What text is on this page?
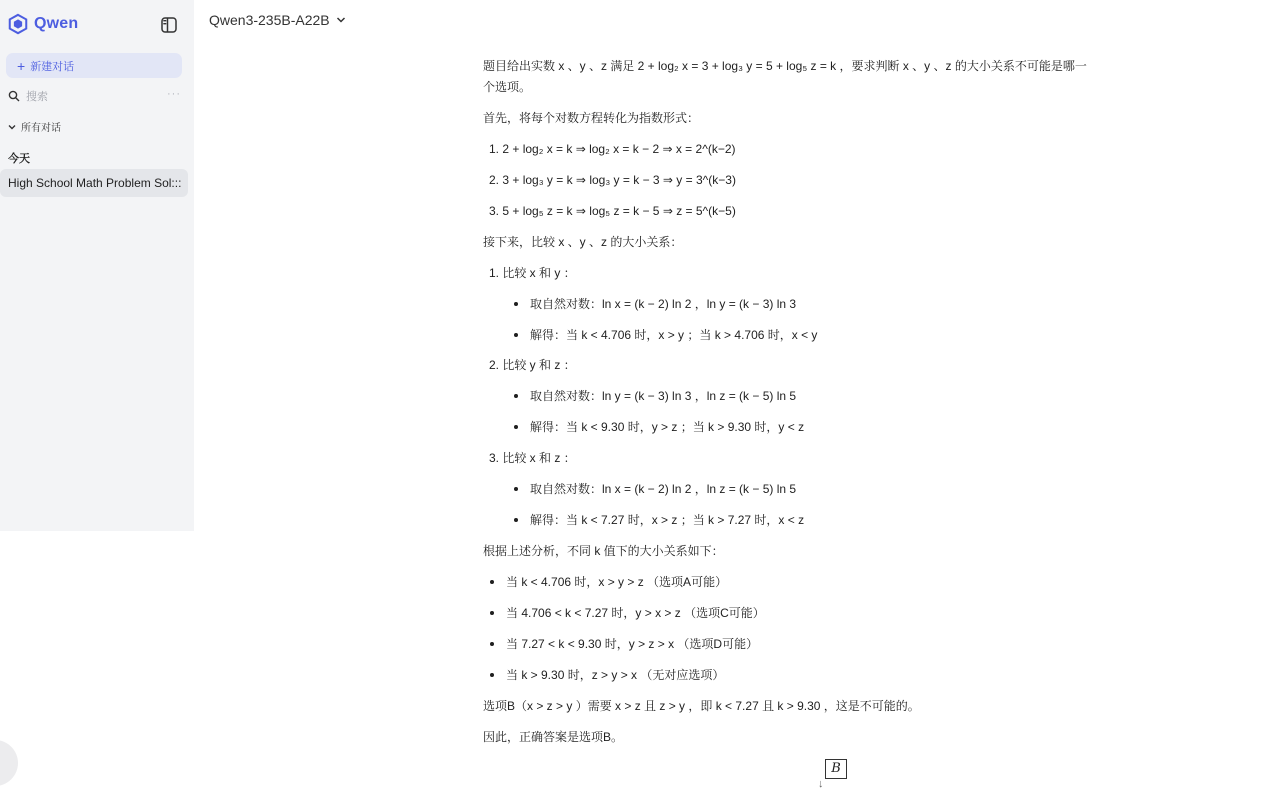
Qwen
+ 新建对话
搜索	···
所有对话
今天
High School Math Problem Sol:::
Qwen3-235B-A22B
题目给出实数 x 、y 、z 满足 2 + log₂ x = 3 + log₃ y = 5 + log₅ z = k ，要求判断 x 、y 、z 的大小关系不可能是哪一
个选项。
首先，将每个对数方程转化为指数形式：
1. 2 + log₂ x = k ⇒ log₂ x = k − 2 ⇒ x = 2^(k−2)
2. 3 + log₃ y = k ⇒ log₃ y = k − 3 ⇒ y = 3^(k−3)
3. 5 + log₅ z = k ⇒ log₅ z = k − 5 ⇒ z = 5^(k−5)
接下来，比较 x 、y 、z 的大小关系：
1. 比较 x 和 y ：
取自然对数：ln x = (k − 2) ln 2 ，ln y = (k − 3) ln 3
解得：当 k < 4.706 时，x > y ；当 k > 4.706 时，x < y
2. 比较 y 和 z ：
取自然对数：ln y = (k − 3) ln 3 ，ln z = (k − 5) ln 5
解得：当 k < 9.30 时，y > z ；当 k > 9.30 时，y < z
3. 比较 x 和 z ：
取自然对数：ln x = (k − 2) ln 2 ，ln z = (k − 5) ln 5
解得：当 k < 7.27 时，x > z ；当 k > 7.27 时，x < z
根据上述分析，不同 k 值下的大小关系如下：
当 k < 4.706 时，x > y > z （选项A可能）
当 4.706 < k < 7.27 时，y > x > z （选项C可能）
当 7.27 < k < 9.30 时，y > z > x （选项D可能）
当 k > 9.30 时，z > y > x （无对应选项）
选项B（x > z > y ）需要 x > z 且 z > y ，即 k < 7.27 且 k > 9.30 ，这是不可能的。
因此，正确答案是选项B。
B
↓
